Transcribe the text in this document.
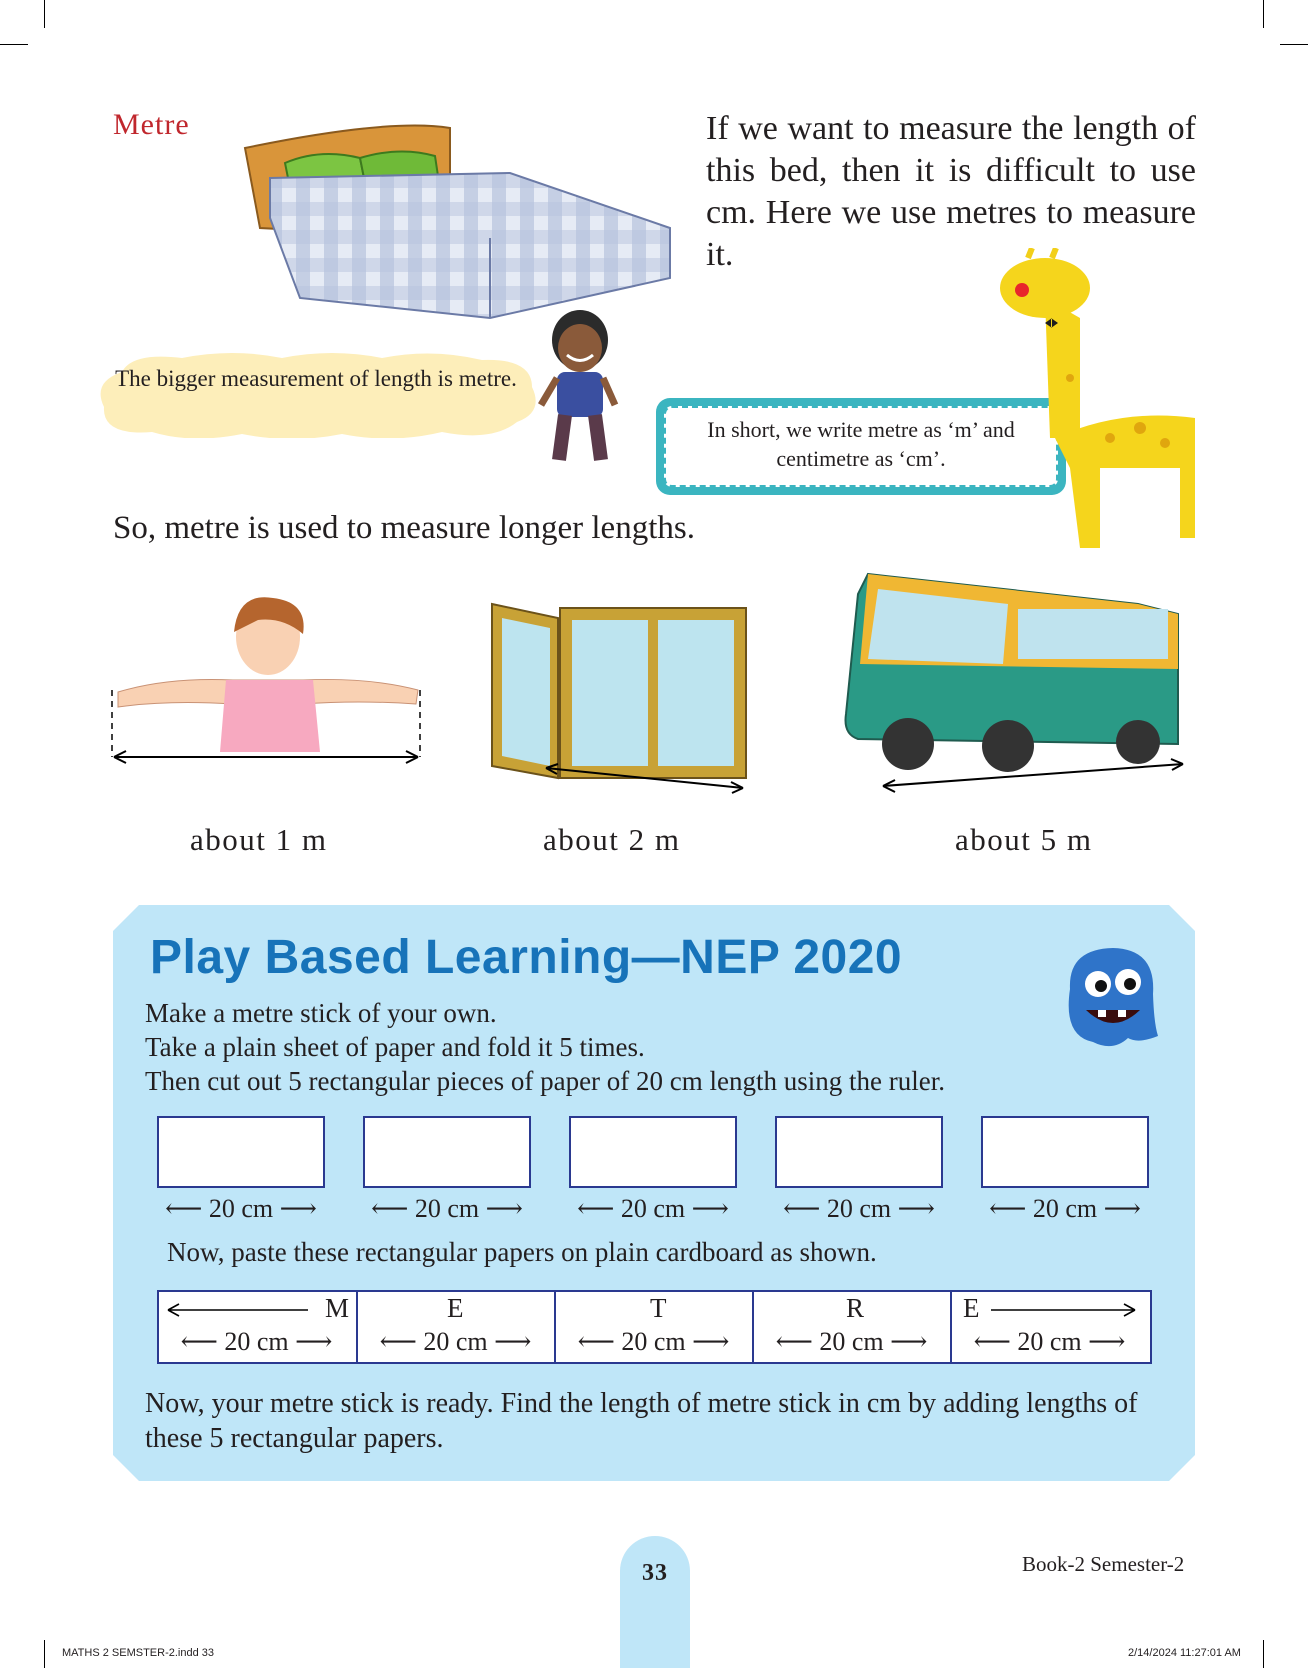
Metre	If we want to measure the length of this bed, then it is difficult to use cm. Here we use metres to measure it.
The bigger measurement of length is metre.
In short, we write metre as ‘m’ and centimetre as ‘cm’.
So, metre is used to measure longer lengths.
about 1 m	about 2 m	about 5 m
Play Based Learning—NEP 2020
Make a metre stick of your own.
Take a plain sheet of paper and fold it 5 times.
Then cut out 5 rectangular pieces of paper of 20 cm length using the ruler.
⟵ 20 cm ⟶	⟵ 20 cm ⟶	⟵ 20 cm ⟶	⟵ 20 cm ⟶	⟵ 20 cm ⟶
Now, paste these rectangular papers on plain cardboard as shown.
M	E	T	R	E
⟵ 20 cm ⟶	⟵ 20 cm ⟶	⟵ 20 cm ⟶	⟵ 20 cm ⟶	⟵ 20 cm ⟶
Now, your metre stick is ready. Find the length of metre stick in cm by adding lengths of these 5 rectangular papers.
33	Book-2 Semester-2
MATHS 2 SEMSTER-2.indd 33	2/14/2024 11:27:01 AM
